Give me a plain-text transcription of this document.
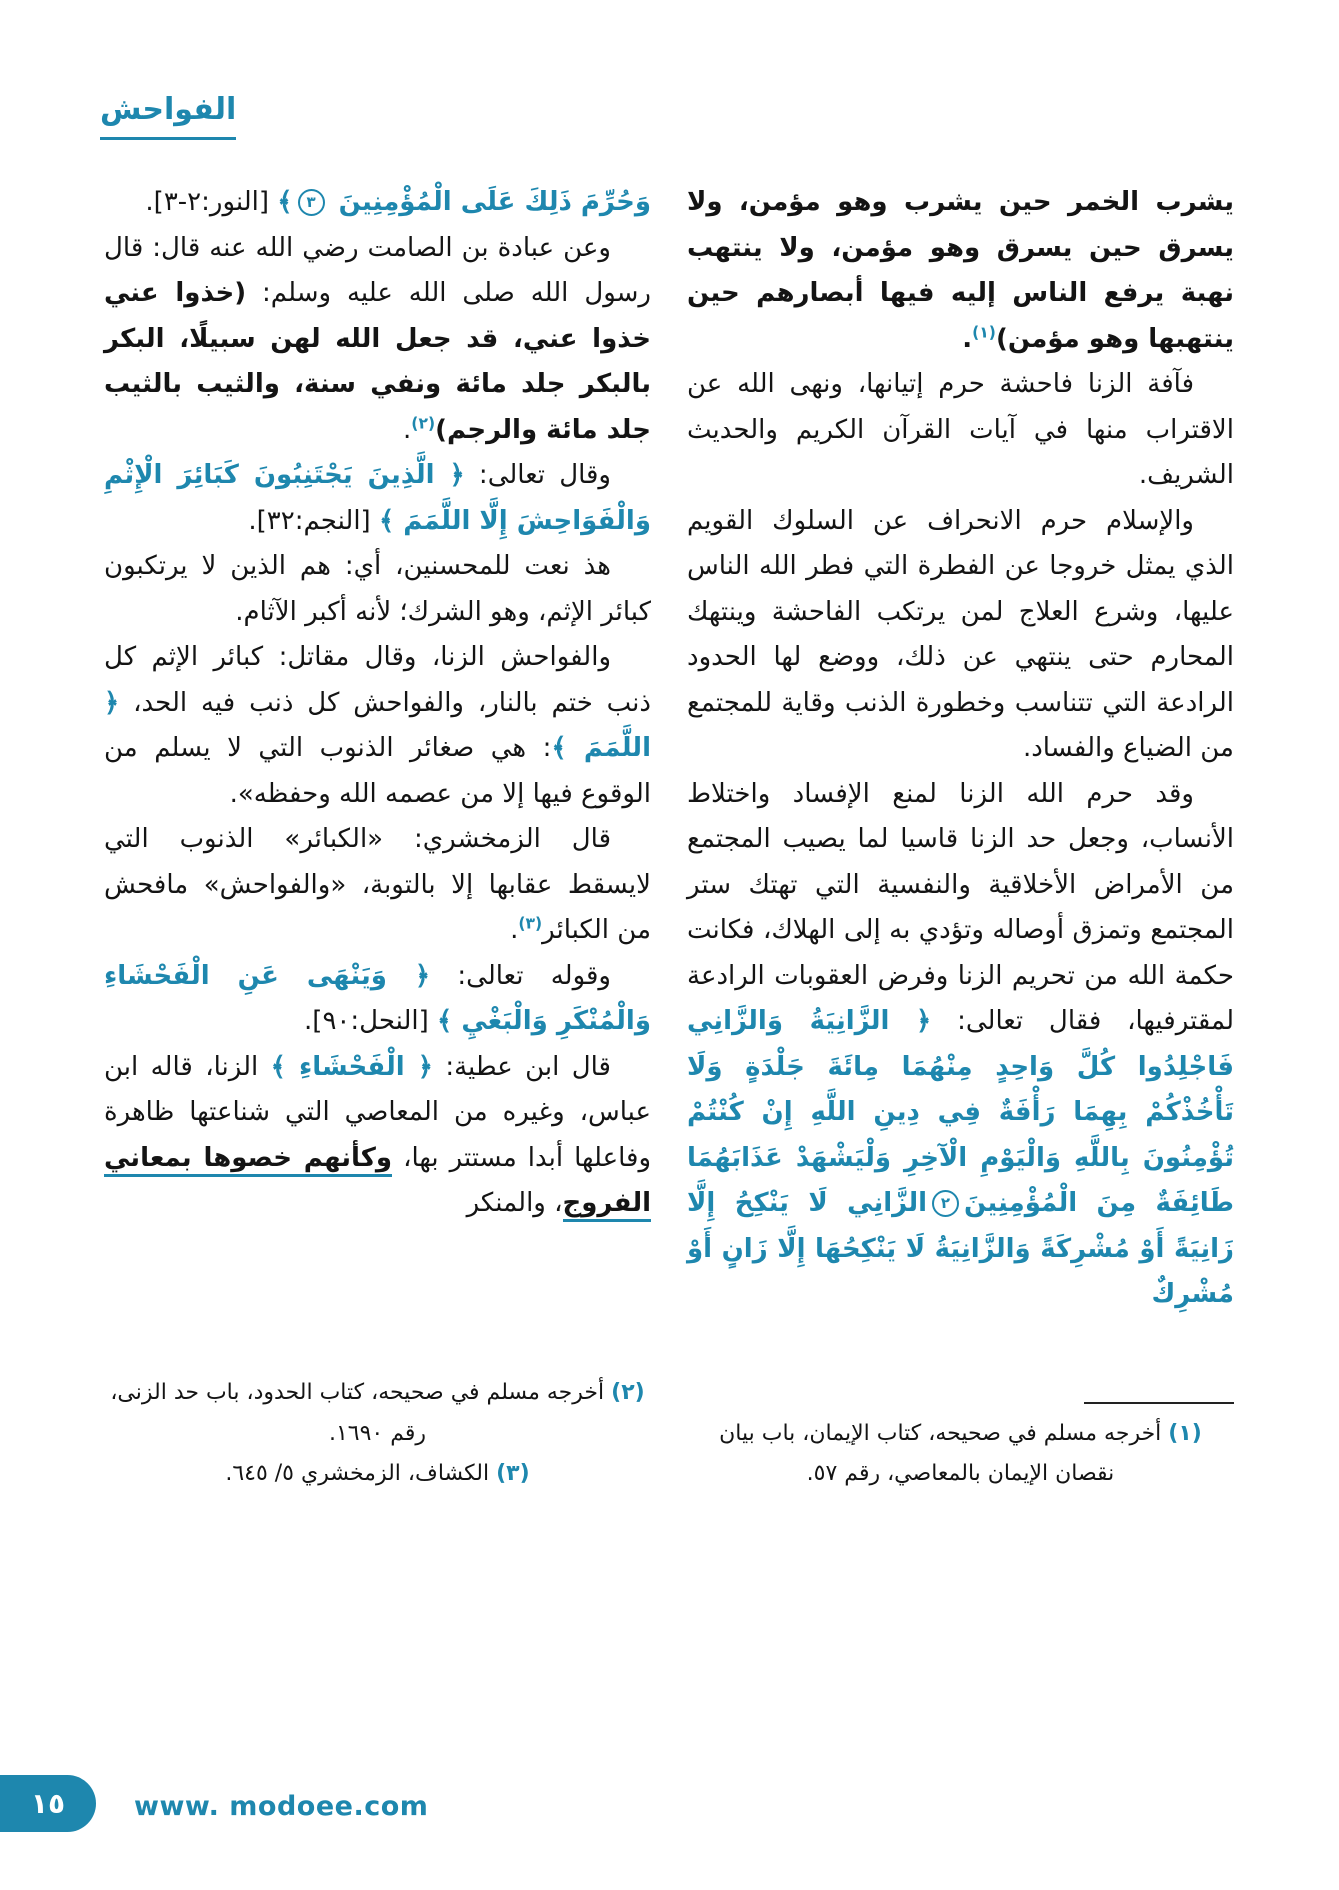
الفواحش

يشرب الخمر حين يشرب وهو مؤمن، ولا يسرق حين يسرق وهو مؤمن، ولا ينتهب نهبة يرفع الناس إليه فيها أبصارهم حين ينتهبها وهو مؤمن)$^{(١)}$.

فآفة الزنا فاحشة حرم إتيانها، ونهى الله عن الاقتراب منها في آيات القرآن الكريم والحديث الشريف.

والإسلام حرم الانحراف عن السلوك القويم الذي يمثل خروجا عن الفطرة التي فطر الله الناس عليها، وشرع العلاج لمن يرتكب الفاحشة وينتهك المحارم حتى ينتهي عن ذلك، ووضع لها الحدود الرادعة التي تتناسب وخطورة الذنب وقاية للمجتمع من الضياع والفساد.

وقد حرم الله الزنا لمنع الإفساد واختلاط الأنساب، وجعل حد الزنا قاسيا لما يصيب المجتمع من الأمراض الأخلاقية والنفسية التي تهتك ستر المجتمع وتمزق أوصاله وتؤدي به إلى الهلاك، فكانت حكمة الله من تحريم الزنا وفرض العقوبات الرادعة لمقترفيها، فقال تعالى: ﴿ الزَّانِيَةُ وَالزَّانِي فَاجْلِدُوا كُلَّ وَاحِدٍ مِنْهُمَا مِائَةَ جَلْدَةٍ وَلَا تَأْخُذْكُمْ بِهِمَا رَأْفَةٌ فِي دِينِ اللَّهِ إِنْ كُنْتُمْ تُؤْمِنُونَ بِاللَّهِ وَالْيَوْمِ الْآخِرِ وَلْيَشْهَدْ عَذَابَهُمَا طَائِفَةٌ مِنَ الْمُؤْمِنِينَ٢الزَّانِي لَا يَنْكِحُ إِلَّا زَانِيَةً أَوْ مُشْرِكَةً وَالزَّانِيَةُ لَا يَنْكِحُهَا إِلَّا زَانٍ أَوْ مُشْرِكٌ

(١) أخرجه مسلم في صحيحه، كتاب الإيمان، باب بيان نقصان الإيمان بالمعاصي، رقم ٥٧.

وَحُرِّمَ ذَلِكَ عَلَى الْمُؤْمِنِينَ ٣﴾ [النور:٢-٣].

وعن عبادة بن الصامت رضي الله عنه قال: قال رسول الله صلى الله عليه وسلم: (خذوا عني خذوا عني، قد جعل الله لهن سبيلًا، البكر بالبكر جلد مائة ونفي سنة، والثيب بالثيب جلد مائة والرجم)$^{(٢)}$.

وقال تعالى: ﴿ الَّذِينَ يَجْتَنِبُونَ كَبَائِرَ الْإِثْمِ وَالْفَوَاحِشَ إِلَّا اللَّمَمَ ﴾ [النجم:٣٢].

هذ نعت للمحسنين، أي: هم الذين لا يرتكبون كبائر الإثم، وهو الشرك؛ لأنه أكبر الآثام.

والفواحش الزنا، وقال مقاتل: كبائر الإثم كل ذنب ختم بالنار، والفواحش كل ذنب فيه الحد، ﴿ اللَّمَمَ ﴾: هي صغائر الذنوب التي لا يسلم من الوقوع فيها إلا من عصمه الله وحفظه».

قال الزمخشري: «الكبائر» الذنوب التي لايسقط عقابها إلا بالتوبة، «والفواحش» مافحش من الكبائر$^{(٣)}$.

وقوله تعالى: ﴿ وَيَنْهَى عَنِ الْفَحْشَاءِ وَالْمُنْكَرِ وَالْبَغْيِ ﴾ [النحل:٩٠].

قال ابن عطية: ﴿ الْفَحْشَاءِ ﴾ الزنا، قاله ابن عباس، وغيره من المعاصي التي شناعتها ظاهرة وفاعلها أبدا مستتر بها، وكأنهم خصوها بمعاني الفروج، والمنكر

(٢) أخرجه مسلم في صحيحه، كتاب الحدود، باب حد الزنى، رقم ١٦٩٠.
(٣) الكشاف، الزمخشري ٥/ ٦٤٥.
١٥	www. modoee.com
